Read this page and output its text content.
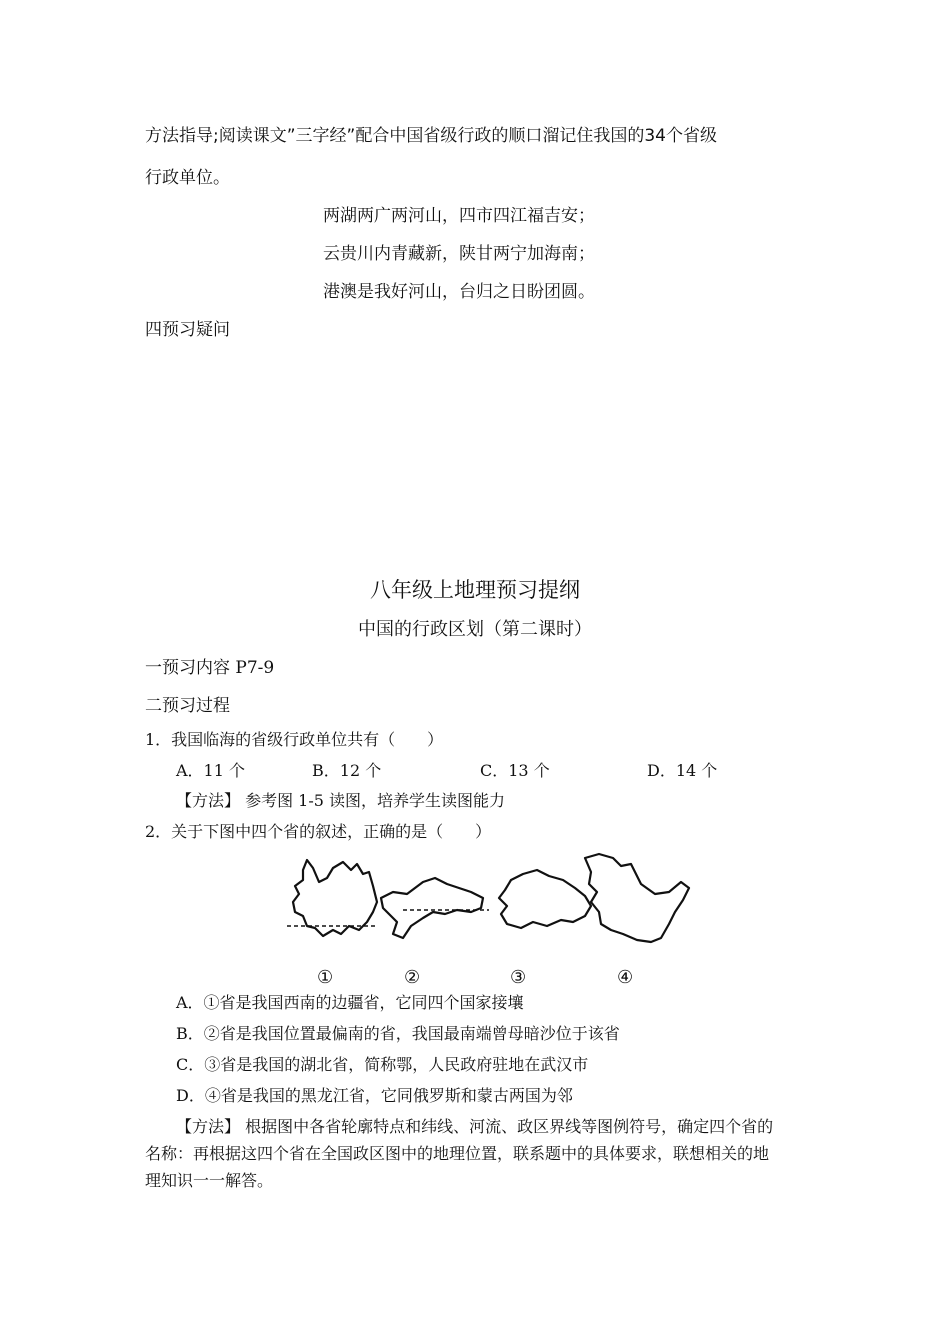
方法指导;阅读课文”三字经”配合中国省级行政的顺口溜记住我国的34个省级
行政单位。
两湖两广两河山，四市四江福吉安；
云贵川内青藏新，陕甘两宁加海南；
港澳是我好河山，台归之日盼团圆。
四预习疑问
八年级上地理预习提纲
中国的行政区划（第二课时）
一预习内容 P7-9
二预习过程
1．我国临海的省级行政单位共有（　　）
A．11 个	B．12 个	C．13 个	D．14 个
【方法】 参考图 1-5 读图，培养学生读图能力
2．关于下图中四个省的叙述，正确的是（　　）
①	②	③	④
A．①省是我国西南的边疆省，它同四个国家接壤
B．②省是我国位置最偏南的省，我国最南端曾母暗沙位于该省
C．③省是我国的湖北省，简称鄂，人民政府驻地在武汉市
D．④省是我国的黑龙江省，它同俄罗斯和蒙古两国为邻
【方法】 根据图中各省轮廓特点和纬线、河流、政区界线等图例符号，确定四个省的
名称：再根据这四个省在全国政区图中的地理位置，联系题中的具体要求，联想相关的地
理知识一一解答。
